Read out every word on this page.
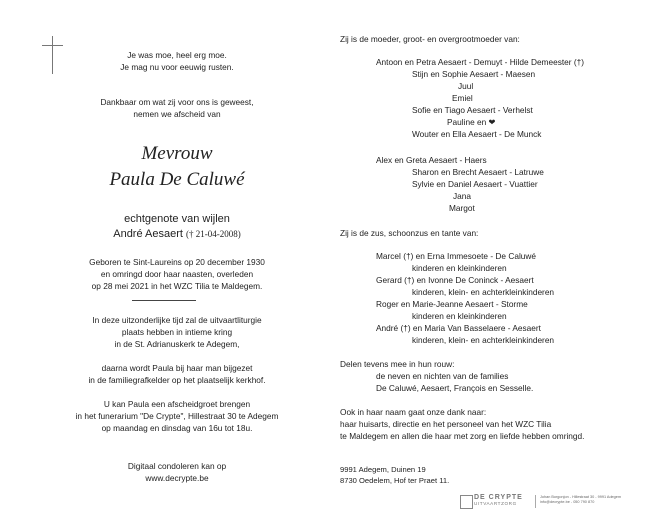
Je was moe, heel erg moe.
Je mag nu voor eeuwig rusten.
Dankbaar om wat zij voor ons is geweest,
nemen we afscheid van
Mevrouw
Paula De Caluwé
echtgenote van wijlen
André Aesaert († 21-04-2008)
Geboren te Sint-Laureins op 20 december 1930
en omringd door haar naasten, overleden
op 28 mei 2021 in het WZC Tilia te Maldegem.
In deze uitzonderlijke tijd zal de uitvaartliturgie
plaats hebben in intieme kring
in de St. Adrianuskerk te Adegem,
daarna wordt Paula bij haar man bijgezet
in de familiegrafkelder op het plaatselijk kerkhof.
U kan Paula een afscheidgroet brengen
in het funerarium "De Crypte", Hillestraat 30 te Adegem
op maandag en dinsdag van 16u tot 18u.
Digitaal condoleren kan op
www.decrypte.be
Zij is de moeder, groot- en overgrootmoeder van:
Antoon en Petra Aesaert - Demuyt - Hilde Demeester (†)
Stijn en Sophie Aesaert - Maesen
Juul
Emiel
Sofie en Tiago Aesaert - Verhelst
Pauline en ❤
Wouter en Ella Aesaert - De Munck
Alex en Greta Aesaert - Haers
Sharon en Brecht Aesaert - Latruwe
Sylvie en Daniel Aesaert - Vuattier
Jana
Margot
Zij is de zus, schoonzus en tante van:
Marcel (†) en Erna Immesoete - De Caluwé
kinderen en kleinkinderen
Gerard (†) en Ivonne De Coninck - Aesaert
kinderen, klein- en achterkleinkinderen
Roger en Marie-Jeanne Aesaert - Storme
kinderen en kleinkinderen
André (†) en Maria Van Basselaere - Aesaert
kinderen, klein- en achterkleinkinderen
Delen tevens mee in hun rouw:
de neven en nichten van de families
De Caluwé, Aesaert, François en Sesselle.
Ook in haar naam gaat onze dank naar:
haar huisarts, directie en het personeel van het WZC Tilia
te Maldegem en allen die haar met zorg en liefde hebben omringd.
9991 Adegem, Duinen 19
8730 Oedelem, Hof ter Praet 11.
DE CRYPTE
UITVAARTZORG
Johan Borgonjon - Hillestraat 30 - 9991 Adegem
info@decrypte.be - 050 790 870
